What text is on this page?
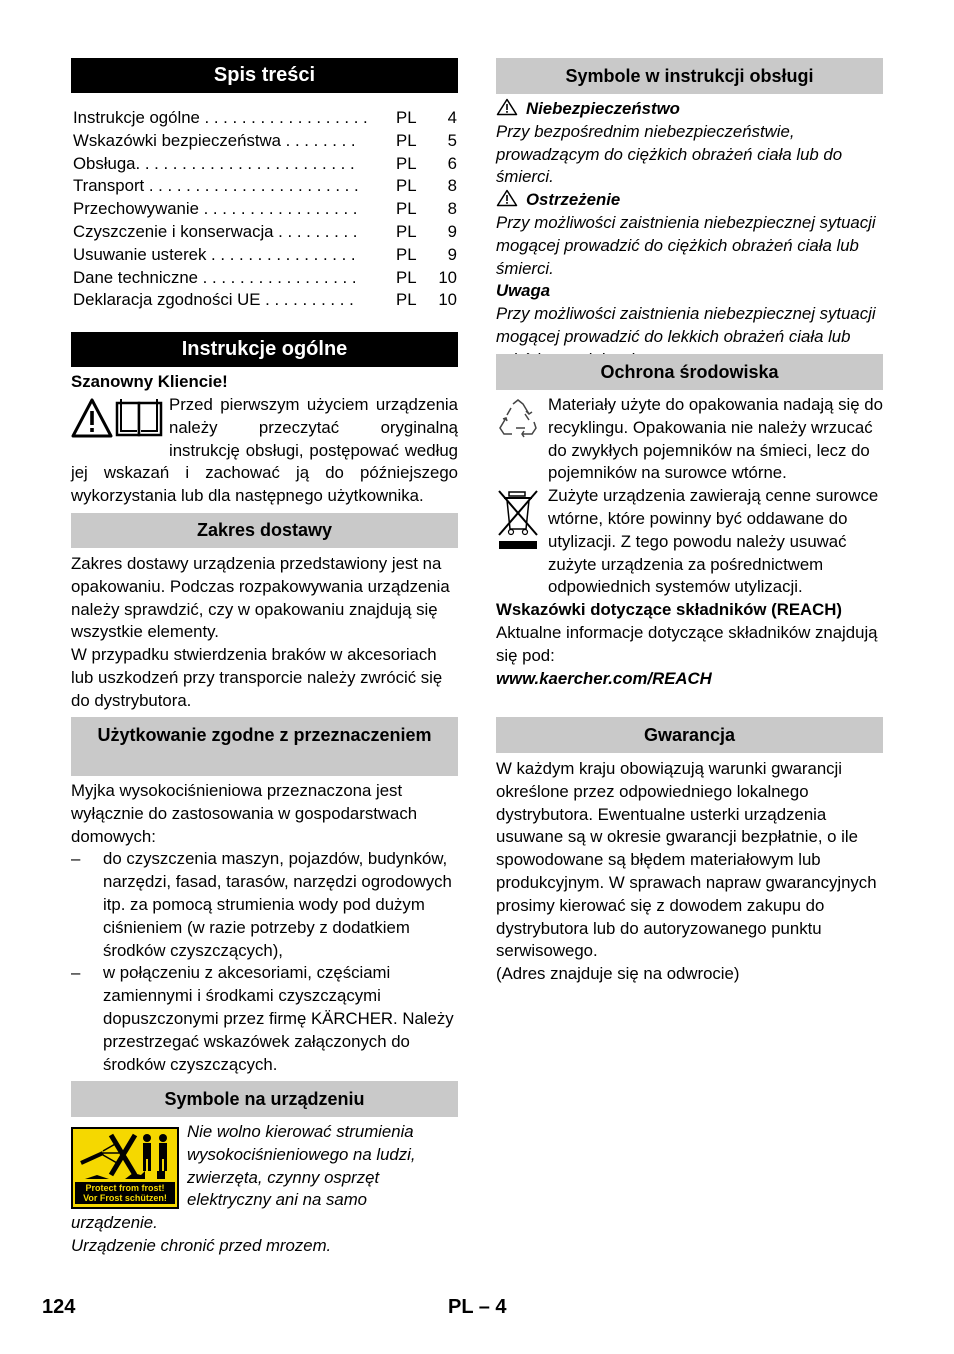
Spis treści
Instrukcje ogólne . . . . . . . . . . . . . . . . . .	PL 4
Wskazówki bezpieczeństwa . . . . . . . .	PL 5
Obsługa. . . . . . . . . . . . . . . . . . . . . . . .	PL 6
Transport . . . . . . . . . . . . . . . . . . . . . . .	PL 8
Przechowywanie . . . . . . . . . . . . . . . . .	PL 8
Czyszczenie i konserwacja . . . . . . . . .	PL 9
Usuwanie usterek . . . . . . . . . . . . . . . .	PL 9
Dane techniczne . . . . . . . . . . . . . . . . .	PL 10
Deklaracja zgodności UE . . . . . . . . . .	PL 10
Instrukcje ogólne
Szanowny Kliencie!
Przed pierwszym użyciem urządzenia należy przeczytać oryginalną instrukcję obsługi, postępować według jej wskazań i zachować ją do późniejszego wykorzystania lub dla następnego użytkownika.
Zakres dostawy

Zakres dostawy urządzenia przedstawiony jest na opakowaniu. Podczas rozpakowywania urządzenia należy sprawdzić, czy w opakowaniu znajdują się wszystkie elementy.

W przypadku stwierdzenia braków w akcesoriach lub uszkodzeń przy transporcie należy zwrócić się do dystrybutora.

Użytkowanie zgodne z przeznaczeniem

Myjka wysokociśnieniowa przeznaczona jest wyłącznie do zastosowania w gospodarstwach domowych:

– do czyszczenia maszyn, pojazdów, budynków, narzędzi, fasad, tarasów, narzędzi ogrodowych itp. za pomocą strumienia wody pod dużym ciśnieniem (w razie potrzeby z dodatkiem środków czyszczących),
– w połączeniu z akcesoriami, częściami zamiennymi i środkami czyszczącymi dopuszczonymi przez firmę KÄRCHER. Należy przestrzegać wskazówek załączonych do środków czyszczących.
Symbole na urządzeniu
Protect from frost!
Vor Frost schützen!
Nie wolno kierować strumienia wysokociśnieniowego na ludzi, zwierzęta, czynny osprzęt elektryczny ani na samo urządzenie.

Urządzenie chronić przed mrozem.

Symbole w instrukcji obsługi
Niebezpieczeństwo

Przy bezpośrednim niebezpieczeństwie, prowadzącym do ciężkich obrażeń ciała lub do śmierci.

Ostrzeżenie

Przy możliwości zaistnienia niebezpiecznej sytuacji mogącej prowadzić do ciężkich obrażeń ciała lub śmierci.

Uwaga

Przy możliwości zaistnienia niebezpiecznej sytuacji mogącej prowadzić do lekkich obrażeń ciała lub

Ochrona środowiska
Materiały użyte do opakowania nadają się do recyklingu. Opakowania nie należy wrzucać do zwykłych pojemników na śmieci, lecz do pojemników na surowce wtórne.
Zużyte urządzenia zawierają cenne surowce wtórne, które powinny być oddawane do utylizacji. Z tego powodu należy usuwać zużyte urządzenia za pośrednictwem odpowiednich systemów utylizacji.

Wskazówki dotyczące składników (REACH)

Aktualne informacje dotyczące składników znajdują się pod:

www.kaercher.com/REACH

Gwarancja

W każdym kraju obowiązują warunki gwarancji określone przez odpowiedniego lokalnego dystrybutora. Ewentualne usterki urządzenia usuwane są w okresie gwarancji bezpłatnie, o ile spowodowane są błędem materiałowym lub produkcyjnym. W sprawach napraw gwarancyjnych prosimy kierować się z dowodem zakupu do dystrybutora lub do autoryzowanego punktu serwisowego.

(Adres znajduje się na odwrocie)

124	PL – 4
